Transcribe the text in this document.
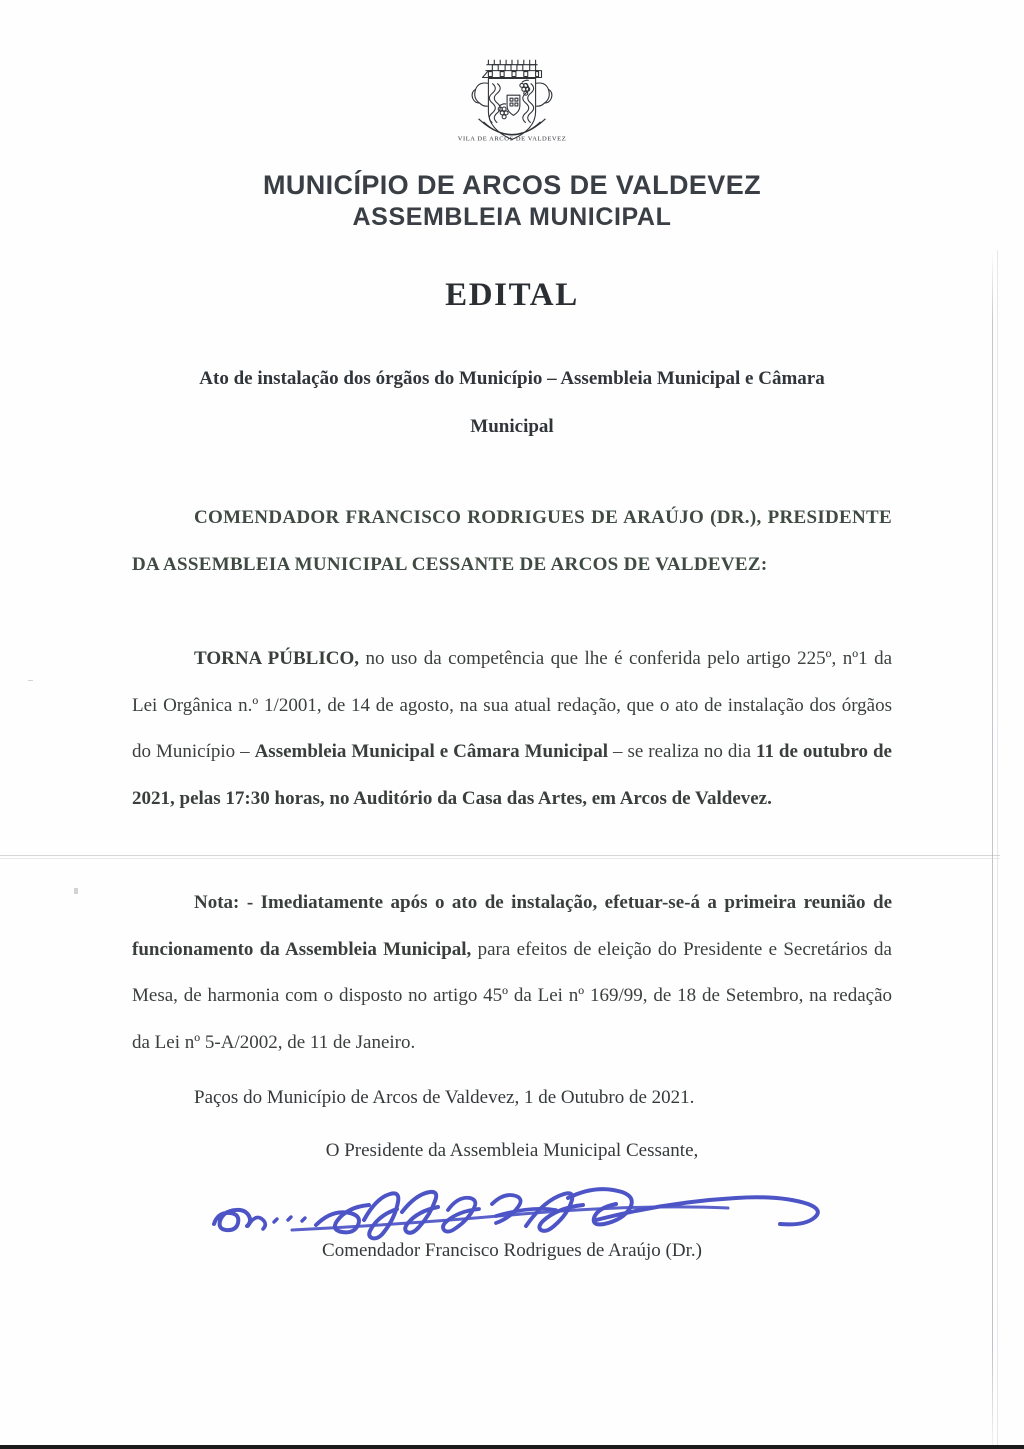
VILA DE ARCOS DE VALDEVEZ
MUNICÍPIO DE ARCOS DE VALDEVEZ
ASSEMBLEIA MUNICIPAL
EDITAL
Ato de instalação dos órgãos do Município – Assembleia Municipal e Câmara
Municipal
COMENDADOR FRANCISCO RODRIGUES DE ARAÚJO (DR.), PRESIDENTE DA ASSEMBLEIA MUNICIPAL CESSANTE DE ARCOS DE VALDEVEZ:
TORNA PÚBLICO, no uso da competência que lhe é conferida pelo artigo 225º, nº1 da Lei Orgânica n.º 1/2001, de 14 de agosto, na sua atual redação, que o ato de instalação dos órgãos do Município – Assembleia Municipal e Câmara Municipal – se realiza no dia 11 de outubro de 2021, pelas 17:30 horas, no Auditório da Casa das Artes, em Arcos de Valdevez.
Nota: - Imediatamente após o ato de instalação, efetuar-se-á a primeira reunião de funcionamento da Assembleia Municipal, para efeitos de eleição do Presidente e Secretários da Mesa, de harmonia com o disposto no artigo 45º da Lei nº 169/99, de 18 de Setembro, na redação da Lei nº 5-A/2002, de 11 de Janeiro.
Paços do Município de Arcos de Valdevez, 1 de Outubro de 2021.
O Presidente da Assembleia Municipal Cessante,
Comendador Francisco Rodrigues de Araújo (Dr.)
